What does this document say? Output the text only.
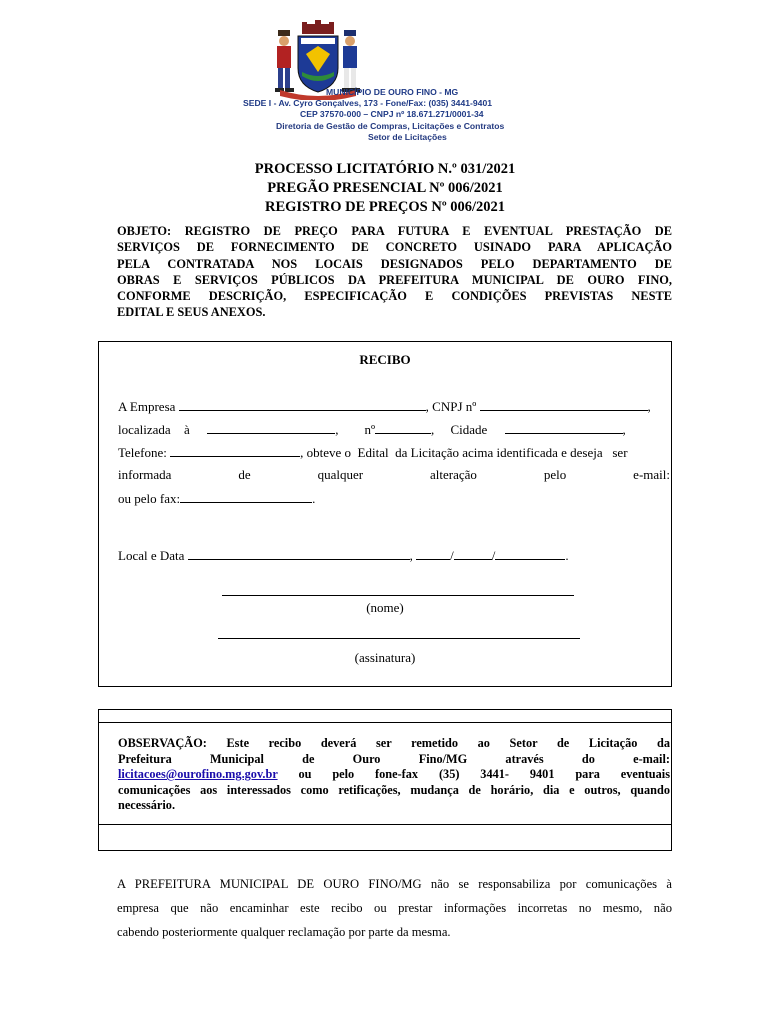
MUNICÍPIO DE OURO FINO - MG
SEDE I - Av. Cyro Gonçalves, 173 - Fone/Fax: (035) 3441-9401
CEP 37570-000 – CNPJ nº 18.671.271/0001-34
Diretoria de Gestão de Compras, Licitações e Contratos
Setor de Licitações
PROCESSO LICITATÓRIO N.º 031/2021
PREGÃO PRESENCIAL Nº 006/2021
REGISTRO DE PREÇOS Nº 006/2021
OBJETO: REGISTRO DE PREÇO PARA FUTURA E EVENTUAL PRESTAÇÃO DE
SERVIÇOS DE FORNECIMENTO DE CONCRETO USINADO PARA APLICAÇÃO
PELA CONTRATADA NOS LOCAIS DESIGNADOS PELO DEPARTAMENTO DE
OBRAS E SERVIÇOS PÚBLICOS DA PREFEITURA MUNICIPAL DE OURO FINO,
CONFORME DESCRIÇÃO, ESPECIFICAÇÃO E CONDIÇÕES PREVISTAS NESTE
EDITAL E SEUS ANEXOS.
RECIBO
A Empresa	, CNPJ nº	,
localizada à	,        nº	,     Cidade	,
Telefone:	, obteve o  Edital  da Licitação acima identificada e deseja   ser
informada	de	qualquer	alteração	pelo	e-mail:
ou pelo fax:	.
Local e Data	,	/	/	.
(nome)
(assinatura)
OBSERVAÇÃO: Este recibo deverá ser remetido ao Setor de Licitação da
Prefeitura	Municipal	de	Ouro	Fino/MG	através	do	e-mail:
licitacoes@ourofino.mg.gov.br ou pelo fone-fax (35) 3441- 9401 para eventuais
comunicações aos interessados como retificações, mudança de horário, dia e outros, quando
necessário.
A PREFEITURA MUNICIPAL DE OURO FINO/MG não se responsabiliza por comunicações à
empresa que não encaminhar este recibo ou prestar informações incorretas no mesmo, não
cabendo posteriormente qualquer reclamação por parte da mesma.
